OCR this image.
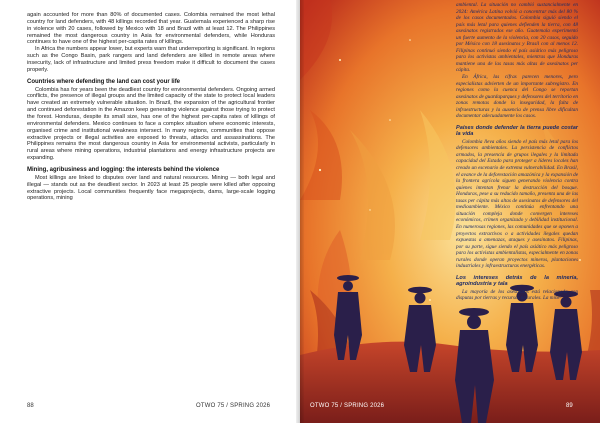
again accounted for more than 80% of documented cases. Colombia remained the most lethal country for land defenders, with 48 killings recorded that year. Guatemala experienced a sharp rise in violence with 20 cases, followed by Mexico with 18 and Brazil with at least 12. The Philippines remained the most dangerous country in Asia for environmental defenders, while Honduras continues to have one of the highest per-capita rates of killings.

In Africa the numbers appear lower, but experts warn that underreporting is significant. In regions such as the Congo Basin, park rangers and land defenders are killed in remote areas where insecurity, lack of infrastructure and limited press freedom make it difficult to document the cases properly.

Countries where defending the land can cost your life

Colombia has for years been the deadliest country for environmental defenders. Ongoing armed conflicts, the presence of illegal groups and the limited capacity of the state to protect local leaders have created an extremely vulnerable situation. In Brazil, the expansion of the agricultural frontier and continued deforestation in the Amazon keep generating violence against those trying to protect the forest. Honduras, despite its small size, has one of the highest per-capita rates of killings of environmental defenders. Mexico continues to face a complex situation where economic interests, organised crime and institutional weakness intersect. In many regions, communities that oppose extractive projects or illegal activities are exposed to threats, attacks and assassinations. The Philippines remains the most dangerous country in Asia for environmental activists, particularly in rural areas where mining operations, industrial plantations and energy infrastructure projects are expanding.

Mining, agribusiness and logging: the interests behind the violence

Most killings are linked to disputes over land and natural resources. Mining — both legal and illegal — stands out as the deadliest sector. In 2023 at least 25 people were killed after opposing extractive projects. Local communities frequently face megaprojects, dams, large-scale logging operations, mining

88	OTWO 75 / SPRING 2026

ambiental. La situación no cambió sustancialmente en 2024: América Latina volvió a concentrar más del 80 % de los casos documentados. Colombia siguió siendo el país más letal para quienes defienden la tierra, con 48 asesinatos registrados ese año. Guatemala experimentó un fuerte aumento de la violencia, con 20 casos, seguido por México con 18 asesinatos y Brasil con al menos 12. Filipinas continuó siendo el país asiático más peligroso para los activistas ambientales, mientras que Honduras mantiene una de las tasas más altas de asesinatos per cápita.

En África, las cifras parecen menores, pero especialistas advierten de un importante subregistro. En regiones como la cuenca del Congo se reportan asesinatos de guardaparques y defensores del territorio en zonas remotas donde la inseguridad, la falta de infraestructuras y la ausencia de prensa libre dificultan documentar adecuadamente los casos.

Países donde defender la tierra puede costar la vida

Colombia lleva años siendo el país más letal para los defensores ambientales. La persistencia de conflictos armados, la presencia de grupos ilegales y la limitada capacidad del Estado para proteger a líderes locales han creado un escenario de extrema vulnerabilidad. En Brasil, el avance de la deforestación amazónica y la expansión de la frontera agrícola siguen generando violencia contra quienes intentan frenar la destrucción del bosque. Honduras, pese a su reducido tamaño, presenta una de las tasas per cápita más altas de asesinatos de defensores del medioambiente. México continúa enfrentando una situación compleja donde convergen intereses económicos, crimen organizado y debilidad institucional. En numerosas regiones, las comunidades que se oponen a proyectos extractivos o a actividades ilegales quedan expuestas a amenazas, ataques y asesinatos. Filipinas, por su parte, sigue siendo el país asiático más peligroso para los activistas ambientalistas, especialmente en zonas rurales donde operan proyectos mineros, plantaciones industriales y infraestructuras energéticas.

Los intereses detrás de la minería, agroindustria y tala

La mayoría de los asesinatos está relacionada con disputas por tierras y recursos naturales. La mine-

OTWO 75 / SPRING 2026	89
